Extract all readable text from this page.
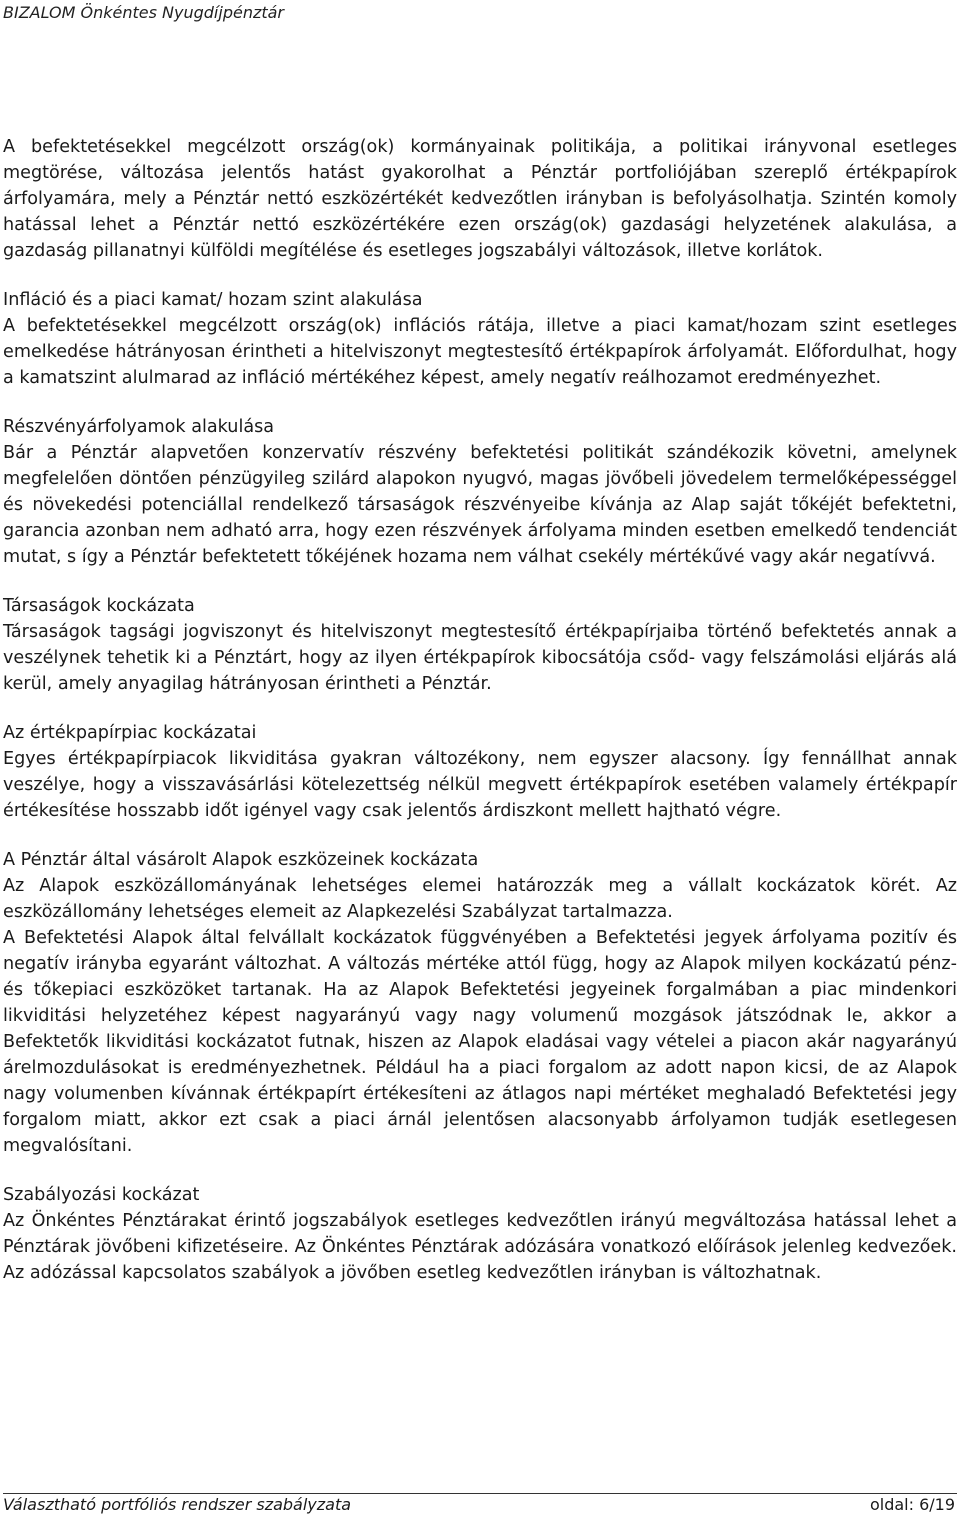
BIZALOM Önkéntes Nyugdíjpénztár

A befektetésekkel megcélzott ország(ok) kormányainak politikája, a politikai irányvonal esetleges megtörése, változása jelentős hatást gyakorolhat a Pénztár portfoliójában szereplő értékpapírok árfolyamára, mely a Pénztár nettó eszközértékét kedvezőtlen irányban is befolyásolhatja. Szintén komoly hatással lehet a Pénztár nettó eszközértékére ezen ország(ok) gazdasági helyzetének alakulása, a gazdaság pillanatnyi külföldi megítélése és esetleges jogszabályi változások, illetve korlátok.

Infláció és a piaci kamat/ hozam szint alakulása

A befektetésekkel megcélzott ország(ok) inflációs rátája, illetve a piaci kamat/hozam szint esetleges emelkedése hátrányosan érintheti a hitelviszonyt megtestesítő értékpapírok árfolyamát. Előfordulhat, hogy a kamatszint alulmarad az infláció mértékéhez képest, amely negatív reálhozamot eredményezhet.

Részvényárfolyamok alakulása

Bár a Pénztár alapvetően konzervatív részvény befektetési politikát szándékozik követni, amelynek megfelelően döntően pénzügyileg szilárd alapokon nyugvó, magas jövőbeli jövedelem termelőképességgel és növekedési potenciállal rendelkező társaságok részvényeibe kívánja az Alap saját tőkéjét befektetni, garancia azonban nem adható arra, hogy ezen részvények árfolyama minden esetben emelkedő tendenciát mutat, s így a Pénztár befektetett tőkéjének hozama nem válhat csekély mértékűvé vagy akár negatívvá.

Társaságok kockázata

Társaságok tagsági jogviszonyt és hitelviszonyt megtestesítő értékpapírjaiba történő befektetés annak a veszélynek tehetik ki a Pénztárt, hogy az ilyen értékpapírok kibocsátója csőd- vagy felszámolási eljárás alá kerül, amely anyagilag hátrányosan érintheti a Pénztár.

Az értékpapírpiac kockázatai

Egyes értékpapírpiacok likviditása gyakran változékony, nem egyszer alacsony. Így fennállhat annak veszélye, hogy a visszavásárlási kötelezettség nélkül megvett értékpapírok esetében valamely értékpapír értékesítése hosszabb időt igényel vagy csak jelentős árdiszkont mellett hajtható végre.

A Pénztár által vásárolt Alapok eszközeinek kockázata

Az Alapok eszközállományának lehetséges elemei határozzák meg a vállalt kockázatok körét. Az eszközállomány lehetséges elemeit az Alapkezelési Szabályzat tartalmazza.

A Befektetési Alapok által felvállalt kockázatok függvényében a Befektetési jegyek árfolyama pozitív és negatív irányba egyaránt változhat. A változás mértéke attól függ, hogy az Alapok milyen kockázatú pénz- és tőkepiaci eszközöket tartanak. Ha az Alapok Befektetési jegyeinek forgalmában a piac mindenkori likviditási helyzetéhez képest nagyarányú vagy nagy volumenű mozgások játszódnak le, akkor a Befektetők likviditási kockázatot futnak, hiszen az Alapok eladásai vagy vételei a piacon akár nagyarányú árelmozdulásokat is eredményezhetnek. Például ha a piaci forgalom az adott napon kicsi, de az Alapok nagy volumenben kívánnak értékpapírt értékesíteni az átlagos napi mértéket meghaladó Befektetési jegy forgalom miatt, akkor ezt csak a piaci árnál jelentősen alacsonyabb árfolyamon tudják esetlegesen megvalósítani.

Szabályozási kockázat

Az Önkéntes Pénztárakat érintő jogszabályok esetleges kedvezőtlen irányú megváltozása hatással lehet a Pénztárak jövőbeni kifizetéseire. Az Önkéntes Pénztárak adózására vonatkozó előírások jelenleg kedvezőek. Az adózással kapcsolatos szabályok a jövőben esetleg kedvezőtlen irányban is változhatnak.

Választható portfóliós rendszer szabályzata	oldal: 6/19
